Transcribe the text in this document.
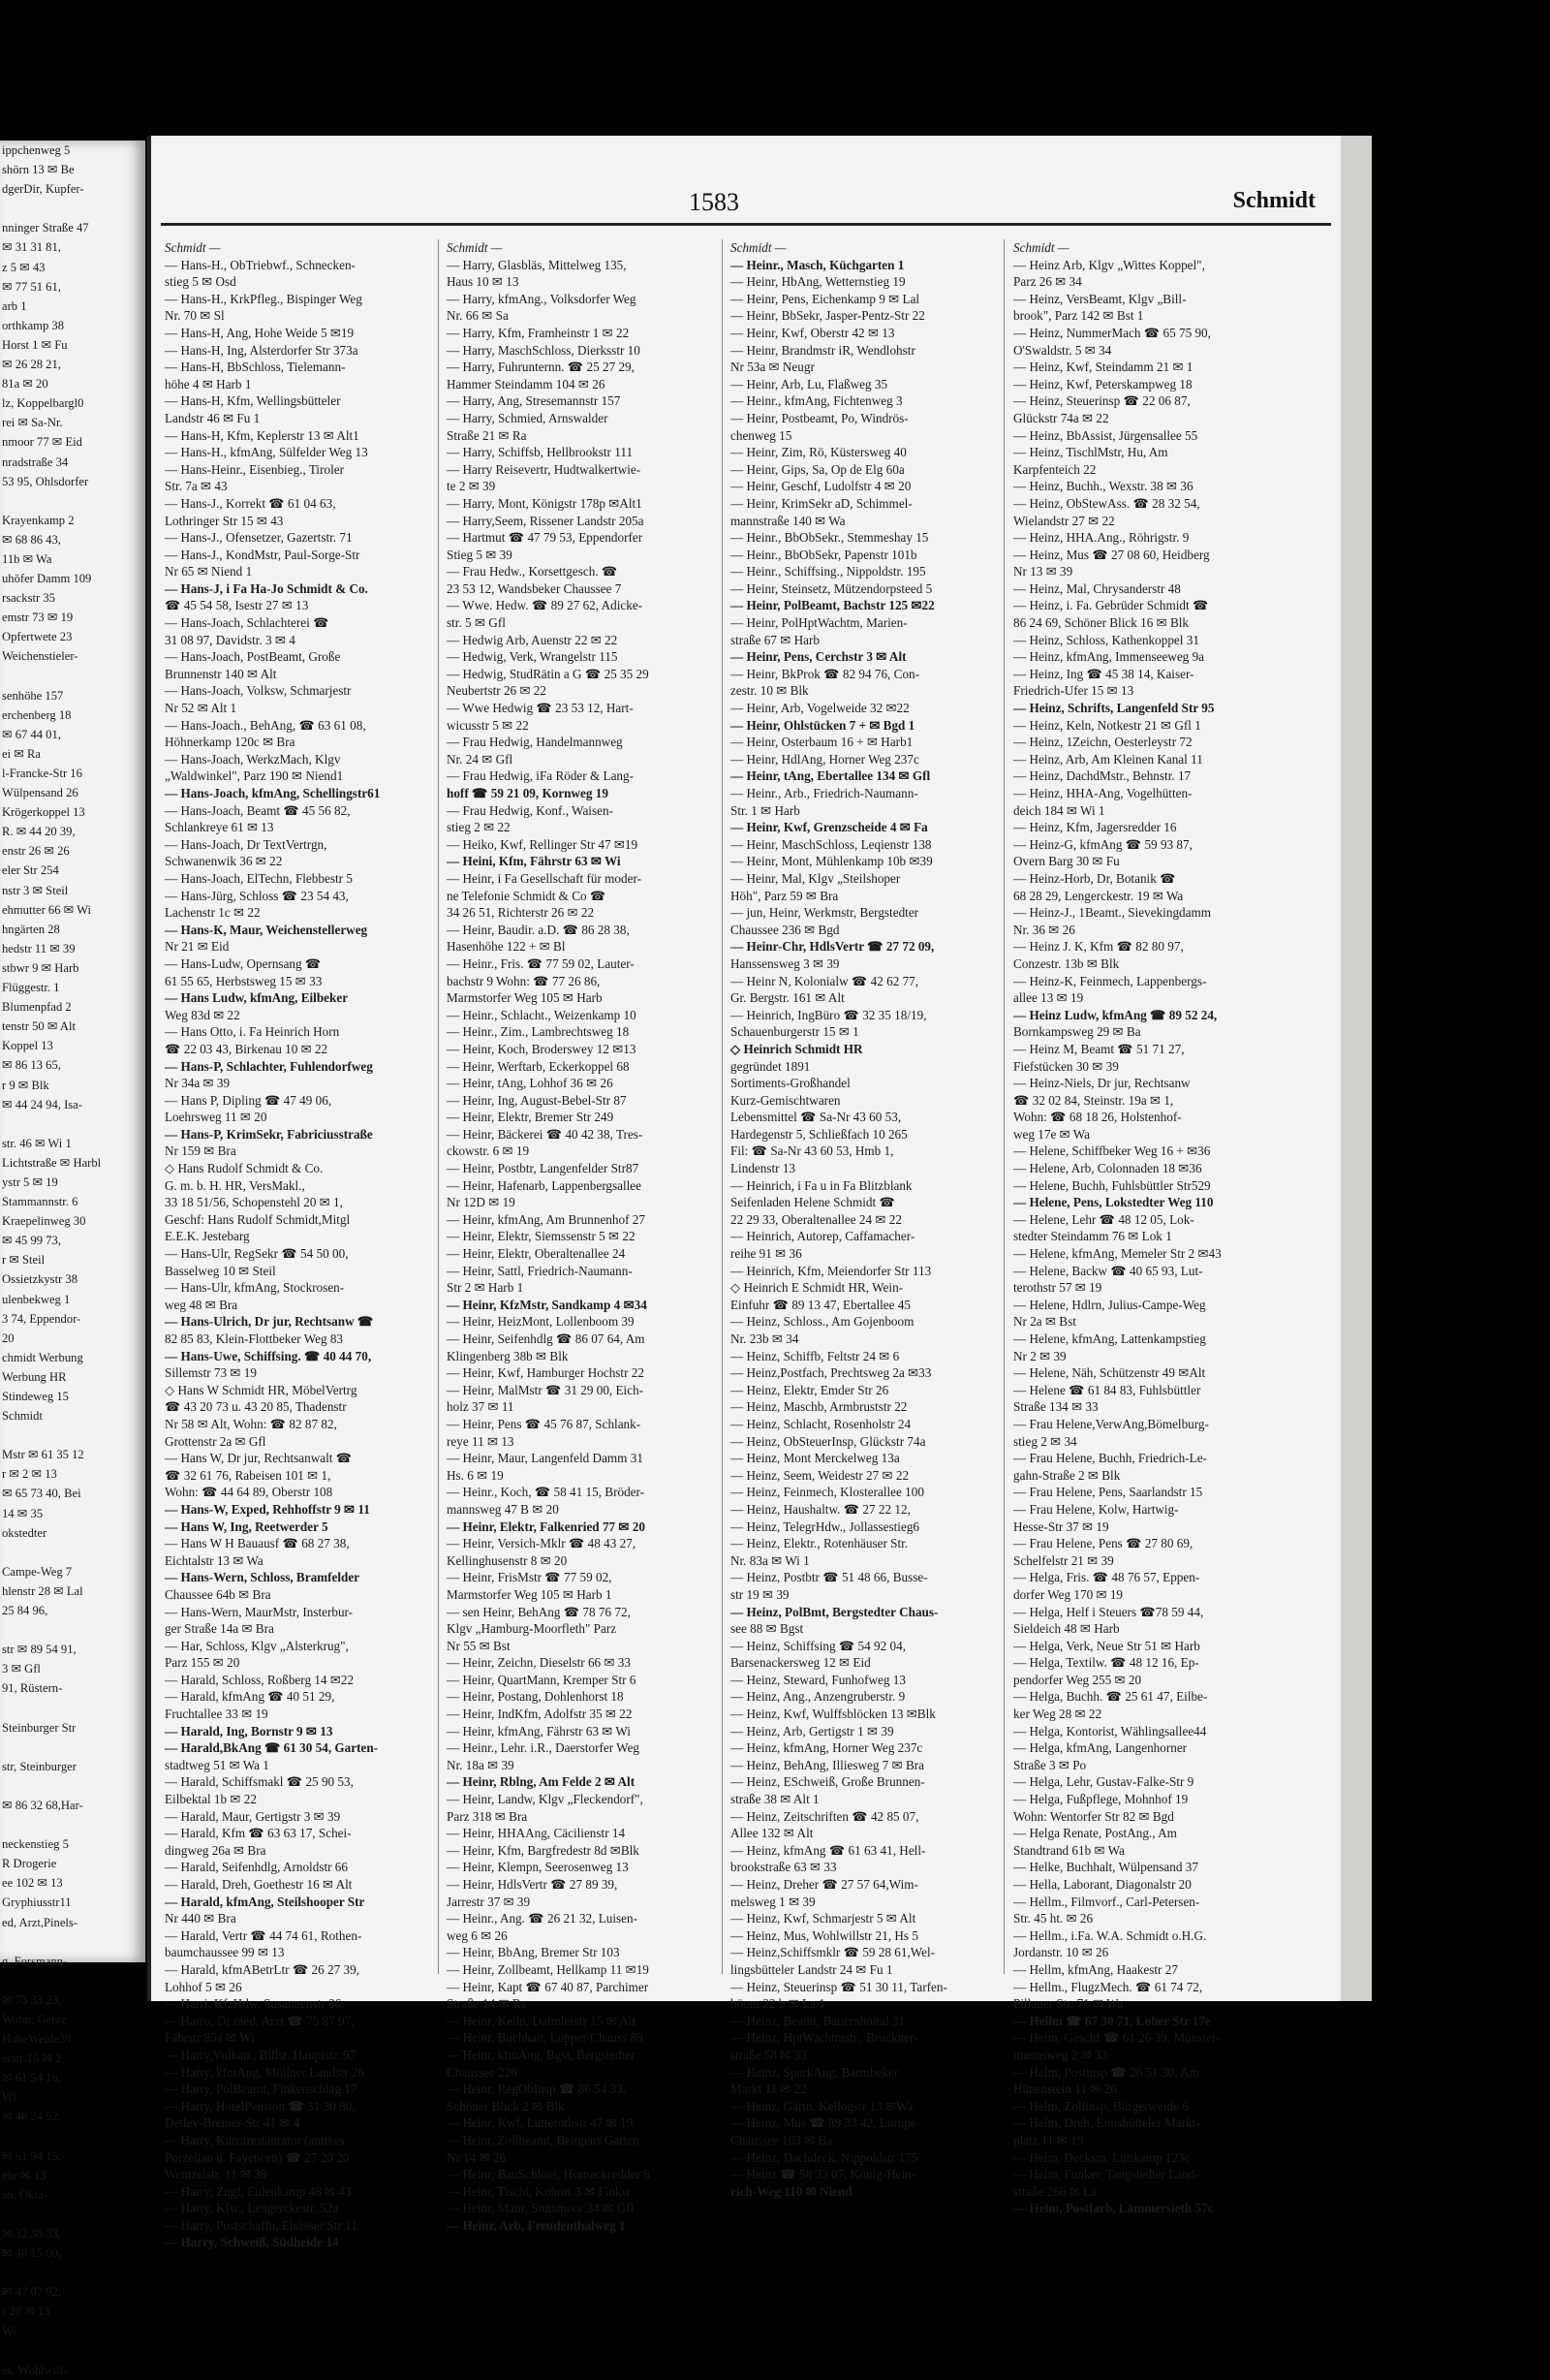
ippchenweg 5
shörn 13 ✉ Be
dgerDir, Kupfer-

nninger Straße 47
✉ 31 31 81,
z 5 ✉ 43
✉ 77 51 61,
arb 1
orthkamp 38
Horst 1 ✉ Fu
✉ 26 28 21,
81a ✉ 20
lz, Koppelbargl0
rei ✉ Sa-Nr.
nmoor 77 ✉ Eid
nradstraße 34
53 95, Ohlsdorfer

Krayenkamp 2
✉ 68 86 43,
11b ✉ Wa
uhöfer Damm 109
rsackstr 35
emstr 73 ✉ 19
Opfertwete 23
Weichenstieler-

senhöhe 157
erchenberg 18
✉ 67 44 01,
ei ✉ Ra
l-Francke-Str 16
Wülpensand 26
Krögerkoppel 13
R. ✉ 44 20 39,
enstr 26 ✉ 26
eler Str 254
nstr 3 ✉ Steil
ehmutter 66 ✉ Wi
hngärten 28
hedstr 11 ✉ 39
stbwr 9 ✉ Harb
Flüggestr. 1
Blumenpfad 2
tenstr 50 ✉ Alt
Koppel 13
✉ 86 13 65,
r 9 ✉ Blk
✉ 44 24 94, Isa-

str. 46 ✉ Wi 1
Lichtstraße ✉ Harbl
ystr 5 ✉ 19
Stammannstr. 6
Kraepelinweg 30
✉ 45 99 73,
r ✉ Steil
Ossietzkystr 38
ulenbekweg 1
3 74, Eppendor-
20
chmidt Werbung
Werbung HR
Stindeweg 15
Schmidt

Mstr ✉ 61 35 12
r ✉ 2 ✉ 13
✉ 65 73 40, Bei
14 ✉ 35
okstedter

Campe-Weg 7
hlenstr 28 ✉ Lal
25 84 96,

str ✉ 89 54 91,
3 ✉ Gfl
91, Rüstern-

Steinburger Str

str, Steinburger

✉ 86 32 68,Har-

neckenstieg 5
R Drogerie
ee 102 ✉ 13
Gryphiusstr11
ed, Arzt,Pinels-

g, Forsmann-

✉ 73 33 23,
Wohn: Gehre
HoheWeide39
erstr 15 ✉ 2
✉ 61 54 18,
Wi
✉ 48 24 52,

✉ 61 94 15,
ehr ✉ 13
ab, Okta-

✉ 32 38 33,
✉ 48 15 00,

✉ 47 07 92,
r 28 ✉ 13
Wi

es, Wohlwill-
1583	Schmidt
Schmidt —
— Hans-H., ObTriebwf., Schnecken-
stieg 5 ✉ Osd
— Hans-H., KrkPfleg., Bispinger Weg
Nr. 70 ✉ Sl
— Hans-H, Ang, Hohe Weide 5 ✉19
— Hans-H, Ing, Alsterdorfer Str 373a
— Hans-H, BbSchloss, Tielemann-
höhe 4 ✉ Harb 1
— Hans-H, Kfm, Wellingsbütteler
Landstr 46 ✉ Fu 1
— Hans-H, Kfm, Keplerstr 13 ✉ Alt1
— Hans-H., kfmAng, Sülfelder Weg 13
— Hans-Heinr., Eisenbieg., Tiroler
Str. 7a ✉ 43
— Hans-J., Korrekt ☎ 61 04 63,
Lothringer Str 15 ✉ 43
— Hans-J., Ofensetzer, Gazertstr. 71
— Hans-J., KondMstr, Paul-Sorge-Str
Nr 65 ✉ Niend 1
— Hans-J, i Fa Ha-Jo Schmidt & Co.
☎ 45 54 58, Isestr 27 ✉ 13
— Hans-Joach, Schlachterei ☎
31 08 97, Davidstr. 3 ✉ 4
— Hans-Joach, PostBeamt, Große
Brunnenstr 140 ✉ Alt
— Hans-Joach, Volksw, Schmarjestr
Nr 52 ✉ Alt 1
— Hans-Joach., BehAng, ☎ 63 61 08,
Höhnerkamp 120c ✉ Bra
— Hans-Joach, WerkzMach, Klgv
„Waldwinkel", Parz 190 ✉ Niend1
— Hans-Joach, kfmAng, Schellingstr61
— Hans-Joach, Beamt ☎ 45 56 82,
Schlankreye 61 ✉ 13
— Hans-Joach, Dr TextVertrgn,
Schwanenwik 36 ✉ 22
— Hans-Joach, ElTechn, Flebbestr 5
— Hans-Jürg, Schloss ☎ 23 54 43,
Lachenstr 1c ✉ 22
— Hans-K, Maur, Weichenstellerweg
Nr 21 ✉ Eid
— Hans-Ludw, Opernsang ☎
61 55 65, Herbstsweg 15 ✉ 33
— Hans Ludw, kfmAng, Eilbeker
Weg 83d ✉ 22
— Hans Otto, i. Fa Heinrich Horn
☎ 22 03 43, Birkenau 10 ✉ 22
— Hans-P, Schlachter, Fuhlendorfweg
Nr 34a ✉ 39
— Hans P, Dipling ☎ 47 49 06,
Loehrsweg 11 ✉ 20
— Hans-P, KrimSekr, Fabriciusstraße
Nr 159 ✉ Bra
◇ Hans Rudolf Schmidt & Co.
G. m. b. H. HR, VersMakl.,
33 18 51/56, Schopenstehl 20 ✉ 1,
Geschf: Hans Rudolf Schmidt,Mitgl
E.E.K. Jestebarg
— Hans-Ulr, RegSekr ☎ 54 50 00,
Basselweg 10 ✉ Steil
— Hans-Ulr, kfmAng, Stockrosen-
weg 48 ✉ Bra
— Hans-Ulrich, Dr jur, Rechtsanw ☎
82 85 83, Klein-Flottbeker Weg 83
— Hans-Uwe, Schiffsing. ☎ 40 44 70,
Sillemstr 73 ✉ 19
◇ Hans W Schmidt HR, MöbelVertrg
☎ 43 20 73 u. 43 20 85, Thadenstr
Nr 58 ✉ Alt, Wohn: ☎ 82 87 82,
Grottenstr 2a ✉ Gfl
— Hans W, Dr jur, Rechtsanwalt ☎
☎ 32 61 76, Rabeisen 101 ✉ 1,
Wohn: ☎ 44 64 89, Oberstr 108
— Hans-W, Exped, Rehhoffstr 9 ✉ 11
— Hans W, Ing, Reetwerder 5
— Hans W H Bauausf ☎ 68 27 38,
Eichtalstr 13 ✉ Wa
— Hans-Wern, Schloss, Bramfelder
Chaussee 64b ✉ Bra
— Hans-Wern, MaurMstr, Insterbur-
ger Straße 14a ✉ Bra
— Har, Schloss, Klgv „Alsterkrug",
Parz 155 ✉ 20
— Harald, Schloss, Roßberg 14 ✉22
— Harald, kfmAng ☎ 40 51 29,
Fruchtallee 33 ✉ 19
— Harald, Ing, Bornstr 9 ✉ 13
— Harald,BkAng ☎ 61 30 54, Garten-
stadtweg 51 ✉ Wa 1
— Harald, Schiffsmakl ☎ 25 90 53,
Eilbektal 1b ✉ 22
— Harald, Maur, Gertigstr 3 ✉ 39
— Harald, Kfm ☎ 63 63 17, Schei-
dingweg 26a ✉ Bra
— Harald, Seifenhdlg, Arnoldstr 66
— Harald, Dreh, Goethestr 16 ✉ Alt
— Harald, kfmAng, Steilshooper Str
Nr 440 ✉ Bra
— Harald, Vertr ☎ 44 74 61, Rothen-
baumchaussee 99 ✉ 13
— Harald, kfmABetrLtr ☎ 26 27 39,
Lohhof 5 ✉ 26
— Harri, KfzHdw, Susannenstr 36
— Harro, Dr med, Arzt ☎ 75 87 97,
Fährstr 85a ✉ Wi
— Harry,Vulkan., Billst. Hauptstr. 97
— Harry, kfmAng, Möllner Landstr 26
— Harry, PolBeamt, Finkenschlag 17
— Harry, HotelPension ☎ 31 30 80,
Detlev-Bremer-Str 41 ✉ 4
— Harry, Kunstrestaurator (antikes
Porzellan u. Fayencen) ☎ 27 20 20
Wentzelstr. 11 ✉ 39
— Harry, Zugf, Eulenkamp 48 ✉ 43
— Harry, Kfw., Lengerckestr. 52a
— Harry, Postschaffn, Elsässer Str 11
— Harry, Schweiß, Südheide 14
Schmidt —
— Harry, Glasbläs, Mittelweg 135,
Haus 10 ✉ 13
— Harry, kfmAng., Volksdorfer Weg
Nr. 66 ✉ Sa
— Harry, Kfm, Framheinstr 1 ✉ 22
— Harry, MaschSchloss, Dierksstr 10
— Harry, Fuhrunternn. ☎ 25 27 29,
Hammer Steindamm 104 ✉ 26
— Harry, Ang, Stresemannstr 157
— Harry, Schmied, Arnswalder
Straße 21 ✉ Ra
— Harry, Schiffsb, Hellbrookstr 111
— Harry Reisevertr, Hudtwalkertwie-
te 2 ✉ 39
— Harry, Mont, Königstr 178p ✉Alt1
— Harry,Seem, Rissener Landstr 205a
— Hartmut ☎ 47 79 53, Eppendorfer
Stieg 5 ✉ 39
— Frau Hedw., Korsettgesch. ☎
23 53 12, Wandsbeker Chaussee 7
— Wwe. Hedw. ☎ 89 27 62, Adicke-
str. 5 ✉ Gfl
— Hedwig Arb, Auenstr 22 ✉ 22
— Hedwig, Verk, Wrangelstr 115
— Hedwig, StudRätin a G ☎ 25 35 29
Neubertstr 26 ✉ 22
— Wwe Hedwig ☎ 23 53 12, Hart-
wicusstr 5 ✉ 22
— Frau Hedwig, Handelmannweg
Nr. 24 ✉ Gfl
— Frau Hedwig, iFa Röder & Lang-
hoff ☎ 59 21 09, Kornweg 19
— Frau Hedwig, Konf., Waisen-
stieg 2 ✉ 22
— Heiko, Kwf, Rellinger Str 47 ✉19
— Heini, Kfm, Fährstr 63 ✉ Wi
— Heinr, i Fa Gesellschaft für moder-
ne Telefonie Schmidt & Co ☎
34 26 51, Richterstr 26 ✉ 22
— Heinr, Baudir. a.D. ☎ 86 28 38,
Hasenhöhe 122 + ✉ Bl
— Heinr., Fris. ☎ 77 59 02, Lauter-
bachstr 9 Wohn: ☎ 77 26 86,
Marmstorfer Weg 105 ✉ Harb
— Heinr., Schlacht., Weizenkamp 10
— Heinr., Zim., Lambrechtsweg 18
— Heinr, Koch, Broderswey 12 ✉13
— Heinr, Werftarb, Eckerkoppel 68
— Heinr, tAng, Lohhof 36 ✉ 26
— Heinr, Ing, August-Bebel-Str 87
— Heinr, Elektr, Bremer Str 249
— Heinr, Bäckerei ☎ 40 42 38, Tres-
ckowstr. 6 ✉ 19
— Heinr, Postbtr, Langenfelder Str87
— Heinr, Hafenarb, Lappenbergsallee
Nr 12D ✉ 19
— Heinr, kfmAng, Am Brunnenhof 27
— Heinr, Elektr, Siemssenstr 5 ✉ 22
— Heinr, Elektr, Oberaltenallee 24
— Heinr, Sattl, Friedrich-Naumann-
Str 2 ✉ Harb 1
— Heinr, KfzMstr, Sandkamp 4 ✉34
— Heinr, HeizMont, Lollenboom 39
— Heinr, Seifenhdlg ☎ 86 07 64, Am
Klingenberg 38b ✉ Blk
— Heinr, Kwf, Hamburger Hochstr 22
— Heinr, MalMstr ☎ 31 29 00, Eich-
holz 37 ✉ 11
— Heinr, Pens ☎ 45 76 87, Schlank-
reye 11 ✉ 13
— Heinr, Maur, Langenfeld Damm 31
Hs. 6 ✉ 19
— Heinr., Koch, ☎ 58 41 15, Bröder-
mannsweg 47 B ✉ 20
— Heinr, Elektr, Falkenried 77 ✉ 20
— Heinr, Versich-Mklr ☎ 48 43 27,
Kellinghusenstr 8 ✉ 20
— Heinr, FrisMstr ☎ 77 59 02,
Marmstorfer Weg 105 ✉ Harb 1
— sen Heinr, BehAng ☎ 78 76 72,
Klgv „Hamburg-Moorfleth" Parz
Nr 55 ✉ Bst
— Heinr, Zeichn, Dieselstr 66 ✉ 33
— Heinr, QuartMann, Kremper Str 6
— Heinr, Postang, Dohlenhorst 18
— Heinr, IndKfm, Adolfstr 35 ✉ 22
— Heinr, kfmAng, Fährstr 63 ✉ Wi
— Heinr., Lehr. i.R., Daerstorfer Weg
Nr. 18a ✉ 39
— Heinr, Rblng, Am Felde 2 ✉ Alt
— Heinr, Landw, Klgv „Fleckendorf",
Parz 318 ✉ Bra
— Heinr, HHAAng, Cäcilienstr 14
— Heinr, Kfm, Bargfredestr 8d ✉Blk
— Heinr, Klempn, Seerosenweg 13
— Heinr, HdlsVertr ☎ 27 89 39,
Jarrestr 37 ✉ 39
— Heinr., Ang. ☎ 26 21 32, Luisen-
weg 6 ✉ 26
— Heinr, BbAng, Bremer Str 103
— Heinr, Zollbeamt, Hellkamp 11 ✉19
— Heinr, Kapt ☎ 67 40 87, Parchimer
Straße 14 ✉ Ra
— Heinr, Kelln, Daimlerstr 15 ✉ Alt
— Heinr, Buchhalt, Lupper Chauss 89
— Heinr, kfmAng, Bgst, Bergstedter
Chaussee 226
— Heinr, RegObInsp ☎ 86 54 33,
Schöner Blick 2 ✉ Blk
— Heinr, Kwf, Lutterothstr 47 ✉ 19
— Heinr, Zollbeamt, Beltgens Garten
Nr 14 ✉ 26
— Heinr, BauSchloss, Hornackredder 8
— Heinr, Tischl, Kohort 3 ✉ Finkw
— Heinr, Maur, Stutsmoor 34 ✉ Gfl
— Heinr, Arb, Freudenthalweg 1
Schmidt —
— Heinr., Masch, Küchgarten 1
— Heinr, HbAng, Wetternstieg 19
— Heinr, Pens, Eichenkamp 9 ✉ Lal
— Heinr, BbSekr, Jasper-Pentz-Str 22
— Heinr, Kwf, Oberstr 42 ✉ 13
— Heinr, Brandmstr iR, Wendlohstr
Nr 53a ✉ Neugr
— Heinr, Arb, Lu, Flaßweg 35
— Heinr., kfmAng, Fichtenweg 3
— Heinr, Postbeamt, Po, Windrös-
chenweg 15
— Heinr, Zim, Rö, Küstersweg 40
— Heinr, Gips, Sa, Op de Elg 60a
— Heinr, Geschf, Ludolfstr 4 ✉ 20
— Heinr, KrimSekr aD, Schimmel-
mannstraße 140 ✉ Wa
— Heinr., BbObSekr., Stemmeshay 15
— Heinr., BbObSekr, Papenstr 101b
— Heinr., Schiffsing., Nippoldstr. 195
— Heinr, Steinsetz, Mützendorpsteed 5
— Heinr, PolBeamt, Bachstr 125 ✉22
— Heinr, PolHptWachtm, Marien-
straße 67 ✉ Harb
— Heinr, Pens, Cerchstr 3 ✉ Alt
— Heinr, BkProk ☎ 82 94 76, Con-
zestr. 10 ✉ Blk
— Heinr, Arb, Vogelweide 32 ✉22
— Heinr, Ohlstücken 7 + ✉ Bgd 1
— Heinr, Osterbaum 16 + ✉ Harb1
— Heinr, HdlAng, Horner Weg 237c
— Heinr, tAng, Ebertallee 134 ✉ Gfl
— Heinr., Arb., Friedrich-Naumann-
Str. 1 ✉ Harb
— Heinr, Kwf, Grenzscheide 4 ✉ Fa
— Heinr, MaschSchloss, Leqienstr 138
— Heinr, Mont, Mühlenkamp 10b ✉39
— Heinr, Mal, Klgv „Steilshoper
Höh", Parz 59 ✉ Bra
— jun, Heinr, Werkmstr, Bergstedter
Chaussee 236 ✉ Bgd
— Heinr-Chr, HdlsVertr ☎ 27 72 09,
Hanssensweg 3 ✉ 39
— Heinr N, Kolonialw ☎ 42 62 77,
Gr. Bergstr. 161 ✉ Alt
— Heinrich, IngBüro ☎ 32 35 18/19,
Schauenburgerstr 15 ✉ 1
◇ Heinrich Schmidt HR
gegründet 1891
Sortiments-Großhandel
Kurz-Gemischtwaren
Lebensmittel ☎ Sa-Nr 43 60 53,
Hardegenstr 5, Schließfach 10 265
Fil: ☎ Sa-Nr 43 60 53, Hmb 1,
Lindenstr 13
— Heinrich, i Fa u in Fa Blitzblank
Seifenladen Helene Schmidt ☎
22 29 33, Oberaltenallee 24 ✉ 22
— Heinrich, Autorep, Caffamacher-
reihe 91 ✉ 36
— Heinrich, Kfm, Meiendorfer Str 113
◇ Heinrich E Schmidt HR, Wein-
Einfuhr ☎ 89 13 47, Ebertallee 45
— Heinz, Schloss., Am Gojenboom
Nr. 23b ✉ 34
— Heinz, Schiffb, Feltstr 24 ✉ 6
— Heinz,Postfach, Prechtsweg 2a ✉33
— Heinz, Elektr, Emder Str 26
— Heinz, Maschb, Armbruststr 22
— Heinz, Schlacht, Rosenholstr 24
— Heinz, ObSteuerInsp, Glückstr 74a
— Heinz, Mont Merckelweg 13a
— Heinz, Seem, Weidestr 27 ✉ 22
— Heinz, Feinmech, Klosterallee 100
— Heinz, Haushaltw. ☎ 27 22 12,
— Heinz, TelegrHdw., Jollassestieg6
— Heinz, Elektr., Rotenhäuser Str.
Nr. 83a ✉ Wi 1
— Heinz, Postbtr ☎ 51 48 66, Busse-
str 19 ✉ 39
— Heinz, PolBmt, Bergstedter Chaus-
see 88 ✉ Bgst
— Heinz, Schiffsing ☎ 54 92 04,
Barsenackersweg 12 ✉ Eid
— Heinz, Steward, Funhofweg 13
— Heinz, Ang., Anzengruberstr. 9
— Heinz, Kwf, Wulffsblöcken 13 ✉Blk
— Heinz, Arb, Gertigstr 1 ✉ 39
— Heinz, kfmAng, Horner Weg 237c
— Heinz, BehAng, Illiesweg 7 ✉ Bra
— Heinz, ESchweiß, Große Brunnen-
straße 38 ✉ Alt 1
— Heinz, Zeitschriften ☎ 42 85 07,
Allee 132 ✉ Alt
— Heinz, kfmAng ☎ 61 63 41, Hell-
brookstraße 63 ✉ 33
— Heinz, Dreher ☎ 27 57 64,Wim-
melsweg 1 ✉ 39
— Heinz, Kwf, Schmarjestr 5 ✉ Alt
— Heinz, Mus, Wohlwillstr 21, Hs 5
— Heinz,Schiffsmklr ☎ 59 28 61,Wel-
lingsbütteler Landstr 24 ✉ Fu 1
— Heinz, Steuerinsp ☎ 51 30 11, Tarfen-
böom 22 b ✉ La 1
— Heinz, Beamt, Bauernholtal 31
— Heinz, HptWachtmstr., Bruckner-
straße 58 ✉ 33
— Heinz, SparkAng, Barmbeker
Markt 11 ✉ 22
— Heinz, Gärtn, Kellogstr 13 ✉Wa
— Heinz, Mus ☎ 89 33 42, Lurupe
Chaussee 103 ✉ Ba
— Heinz, Dachdeck, Nippoldstr 175
— Heinz ☎ 58 33 07, König-Hein-
rich-Weg 110 ✉ Niend
Schmidt —
— Heinz Arb, Klgv „Wittes Koppel",
Parz 26 ✉ 34
— Heinz, VersBeamt, Klgv „Bill-
brook", Parz 142 ✉ Bst 1
— Heinz, NummerMach ☎ 65 75 90,
O'Swaldstr. 5 ✉ 34
— Heinz, Kwf, Steindamm 21 ✉ 1
— Heinz, Kwf, Peterskampweg 18
— Heinz, Steuerinsp ☎ 22 06 87,
Glückstr 74a ✉ 22
— Heinz, BbAssist, Jürgensallee 55
— Heinz, TischlMstr, Hu, Am
Karpfenteich 22
— Heinz, Buchh., Wexstr. 38 ✉ 36
— Heinz, ObStewAss. ☎ 28 32 54,
Wielandstr 27 ✉ 22
— Heinz, HHA.Ang., Röhrigstr. 9
— Heinz, Mus ☎ 27 08 60, Heidberg
Nr 13 ✉ 39
— Heinz, Mal, Chrysanderstr 48
— Heinz, i. Fa. Gebrüder Schmidt ☎
86 24 69, Schöner Blick 16 ✉ Blk
— Heinz, Schloss, Kathenkoppel 31
— Heinz, kfmAng, Immenseeweg 9a
— Heinz, Ing ☎ 45 38 14, Kaiser-
Friedrich-Ufer 15 ✉ 13
— Heinz, Schrifts, Langenfeld Str 95
— Heinz, Keln, Notkestr 21 ✉ Gfl 1
— Heinz, 1Zeichn, Oesterleystr 72
— Heinz, Arb, Am Kleinen Kanal 11
— Heinz, DachdMstr., Behnstr. 17
— Heinz, HHA-Ang, Vogelhütten-
deich 184 ✉ Wi 1
— Heinz, Kfm, Jagersredder 16
— Heinz-G, kfmAng ☎ 59 93 87,
Overn Barg 30 ✉ Fu
— Heinz-Horb, Dr, Botanik ☎
68 28 29, Lengerckestr. 19 ✉ Wa
— Heinz-J., 1Beamt., Sievekingdamm
Nr. 36 ✉ 26
— Heinz J. K, Kfm ☎ 82 80 97,
Conzestr. 13b ✉ Blk
— Heinz-K, Feinmech, Lappenbergs-
allee 13 ✉ 19
— Heinz Ludw, kfmAng ☎ 89 52 24,
Bornkampsweg 29 ✉ Ba
— Heinz M, Beamt ☎ 51 71 27,
Fiefstücken 30 ✉ 39
— Heinz-Niels, Dr jur, Rechtsanw
☎ 32 02 84, Steinstr. 19a ✉ 1,
Wohn: ☎ 68 18 26, Holstenhof-
weg 17e ✉ Wa
— Helene, Schiffbeker Weg 16 + ✉36
— Helene, Arb, Colonnaden 18 ✉36
— Helene, Buchh, Fuhlsbüttler Str529
— Helene, Pens, Lokstedter Weg 110
— Helene, Lehr ☎ 48 12 05, Lok-
stedter Steindamm 76 ✉ Lok 1
— Helene, kfmAng, Memeler Str 2 ✉43
— Helene, Backw ☎ 40 65 93, Lut-
terothstr 57 ✉ 19
— Helene, Hdlrn, Julius-Campe-Weg
Nr 2a ✉ Bst
— Helene, kfmAng, Lattenkampstieg
Nr 2 ✉ 39
— Helene, Näh, Schützenstr 49 ✉Alt
— Helene ☎ 61 84 83, Fuhlsbüttler
Straße 134 ✉ 33
— Frau Helene,VerwAng,Bömelburg-
stieg 2 ✉ 34
— Frau Helene, Buchh, Friedrich-Le-
gahn-Straße 2 ✉ Blk
— Frau Helene, Pens, Saarlandstr 15
— Frau Helene, Kolw, Hartwig-
Hesse-Str 37 ✉ 19
— Frau Helene, Pens ☎ 27 80 69,
Schelfelstr 21 ✉ 39
— Helga, Fris. ☎ 48 76 57, Eppen-
dorfer Weg 170 ✉ 19
— Helga, Helf i Steuers ☎78 59 44,
Sieldeich 48 ✉ Harb
— Helga, Verk, Neue Str 51 ✉ Harb
— Helga, Textilw. ☎ 48 12 16, Ep-
pendorfer Weg 255 ✉ 20
— Helga, Buchh. ☎ 25 61 47, Eilbe-
ker Weg 28 ✉ 22
— Helga, Kontorist, Wählingsallee44
— Helga, kfmAng, Langenhorner
Straße 3 ✉ Po
— Helga, Lehr, Gustav-Falke-Str 9
— Helga, Fußpflege, Mohnhof 19
Wohn: Wentorfer Str 82 ✉ Bgd
— Helga Renate, PostAng., Am
Standtrand 61b ✉ Wa
— Helke, Buchhalt, Wülpensand 37
— Hella, Laborant, Diagonalstr 20
— Hellm., Filmvorf., Carl-Petersen-
Str. 45 ht. ✉ 26
— Hellm., i.Fa. W.A. Schmidt o.H.G.
Jordanstr. 10 ✉ 26
— Hellm, kfmAng, Haakestr 27
— Hellm., FlugzMech. ☎ 61 74 72,
Pillauer Str. 71 ✉ Wa
— Hellm ☎ 67 30 71, Loher Str 17e
— Helm, Geschf ☎ 61 26 39, Münster-
mannsweg 2 ✉ 33
— Helm, Postinsp ☎ 26 51 30, Am
Hünenstein 11 ✉ 26
— Helm, Zollinsp, Bürgerweide 6
— Helm, Dreh, Eimsbütteler Markt-
platz 11 ✉ 19
— Helm, Decksm, Lüttkamp 123c
— Helm, Funker, Tangstedter Land-
straße 266 ✉ La
— Helm, Postfarb, Lämmersieth 57c
